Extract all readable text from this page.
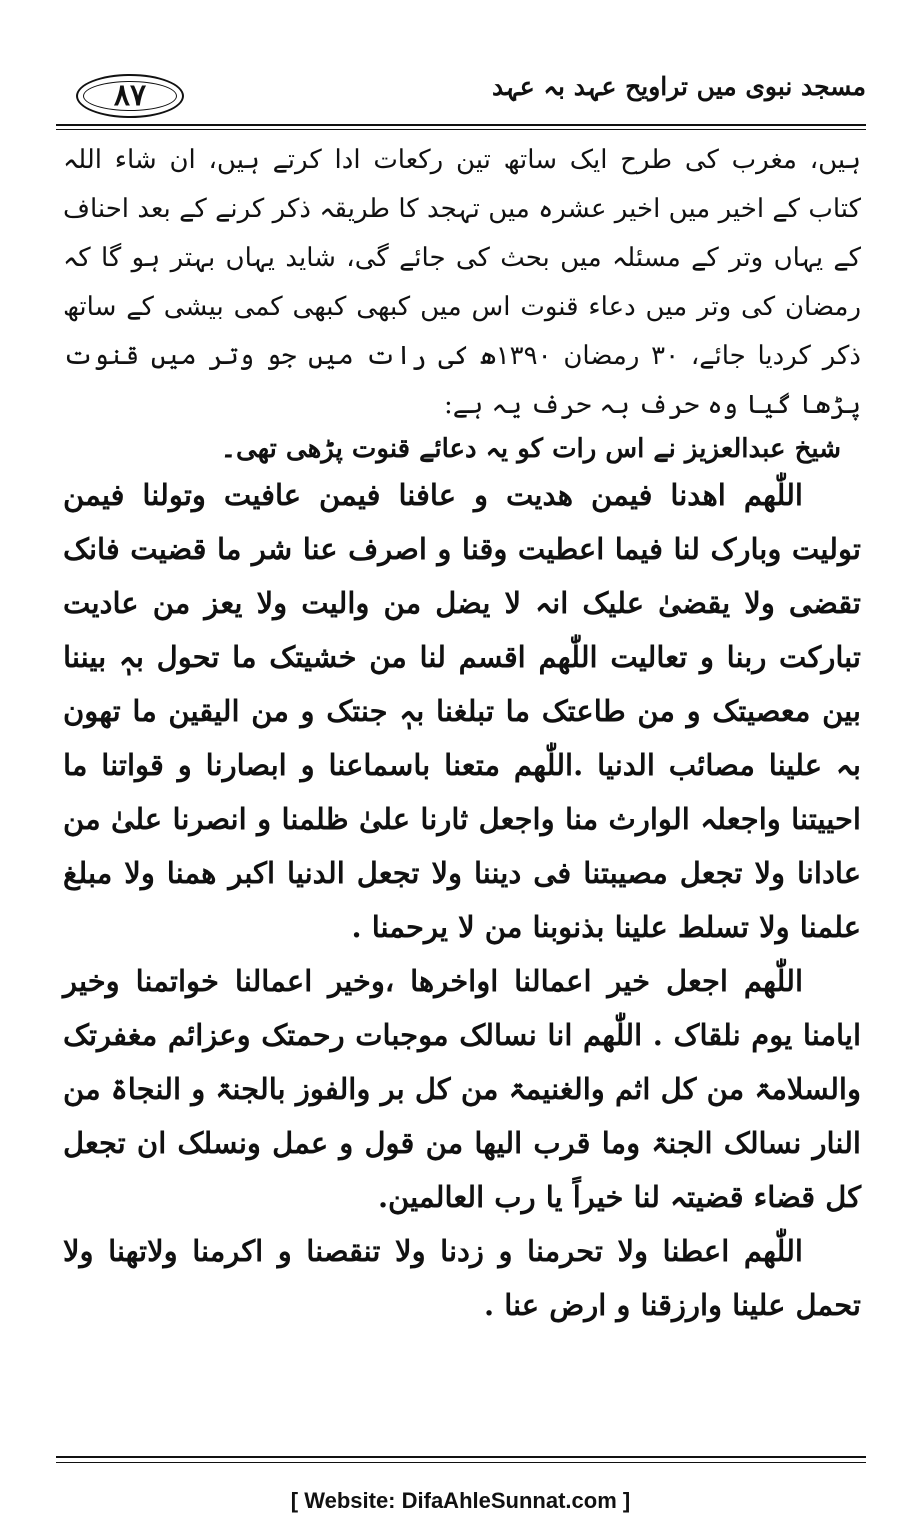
۸۷	مسجد نبوی میں تراویح عہد بہ عہد

ہیں، مغرب کی طرح ایک ساتھ تین رکعات ادا کرتے ہیں، ان شاء اللہ کتاب کے اخیر میں اخیر عشرہ میں تہجد کا طریقہ ذکر کرنے کے بعد احناف کے یہاں وتر کے مسئلہ میں بحث کی جائے گی، شاید یہاں بہتر ہو گا کہ رمضان کی وتر میں دعاء قنوت اس میں کبھی کبھی کمی بیشی کے ساتھ ذکر کردیا جائے، ۳۰ رمضان ۱۳۹۰ھ کی رات میں جو وتر میں قنوت پڑھا گیا وہ حرف بہ حرف یہ ہے:

شیخ عبدالعزیز نے اس رات کو یہ دعائے قنوت پڑھی تھی۔

اللّٰھم اھدنا فیمن ھدیت و عافنا فیمن عافیت وتولنا فیمن تولیت وبارک لنا فیما اعطیت وقنا و اصرف عنا شر ما قضیت فانک تقضی ولا یقضیٰ علیک انہ لا یضل من والیت ولا یعز من عادیت تبارکت ربنا و تعالیت اللّٰھم اقسم لنا من خشیتک ما تحول بہٖ بیننا بین معصیتک و من طاعتک ما تبلغنا بہٖ جنتک و من الیقین ما تھون بہ علینا مصائب الدنیا .اللّٰھم متعنا باسماعنا و ابصارنا و قواتنا ما احییتنا واجعلہ الوارث منا واجعل ثارنا علیٰ ظلمنا و انصرنا علیٰ من عادانا ولا تجعل مصیبتنا فی دیننا ولا تجعل الدنیا اکبر ھمنا ولا مبلغ علمنا ولا تسلط علینا بذنوبنا من لا یرحمنا .

اللّٰھم اجعل خیر اعمالنا اواخرھا ،وخیر اعمالنا خواتمنا وخیر ایامنا یوم نلقاک . اللّٰھم انا نسالک موجبات رحمتک وعزائم مغفرتک والسلامۃ من کل اثم والغنیمۃ من کل بر والفوز بالجنۃ و النجاۃ من النار نسالک الجنۃ وما قرب الیھا من قول و عمل ونسلک ان تجعل کل قضاء قضیتہ لنا خیراً یا رب العالمین.

اللّٰھم اعطنا ولا تحرمنا و زدنا ولا تنقصنا و اکرمنا ولاتھنا ولا تحمل علینا وارزقنا و ارض عنا .

[ Website: DifaAhleSunnat.com ]
